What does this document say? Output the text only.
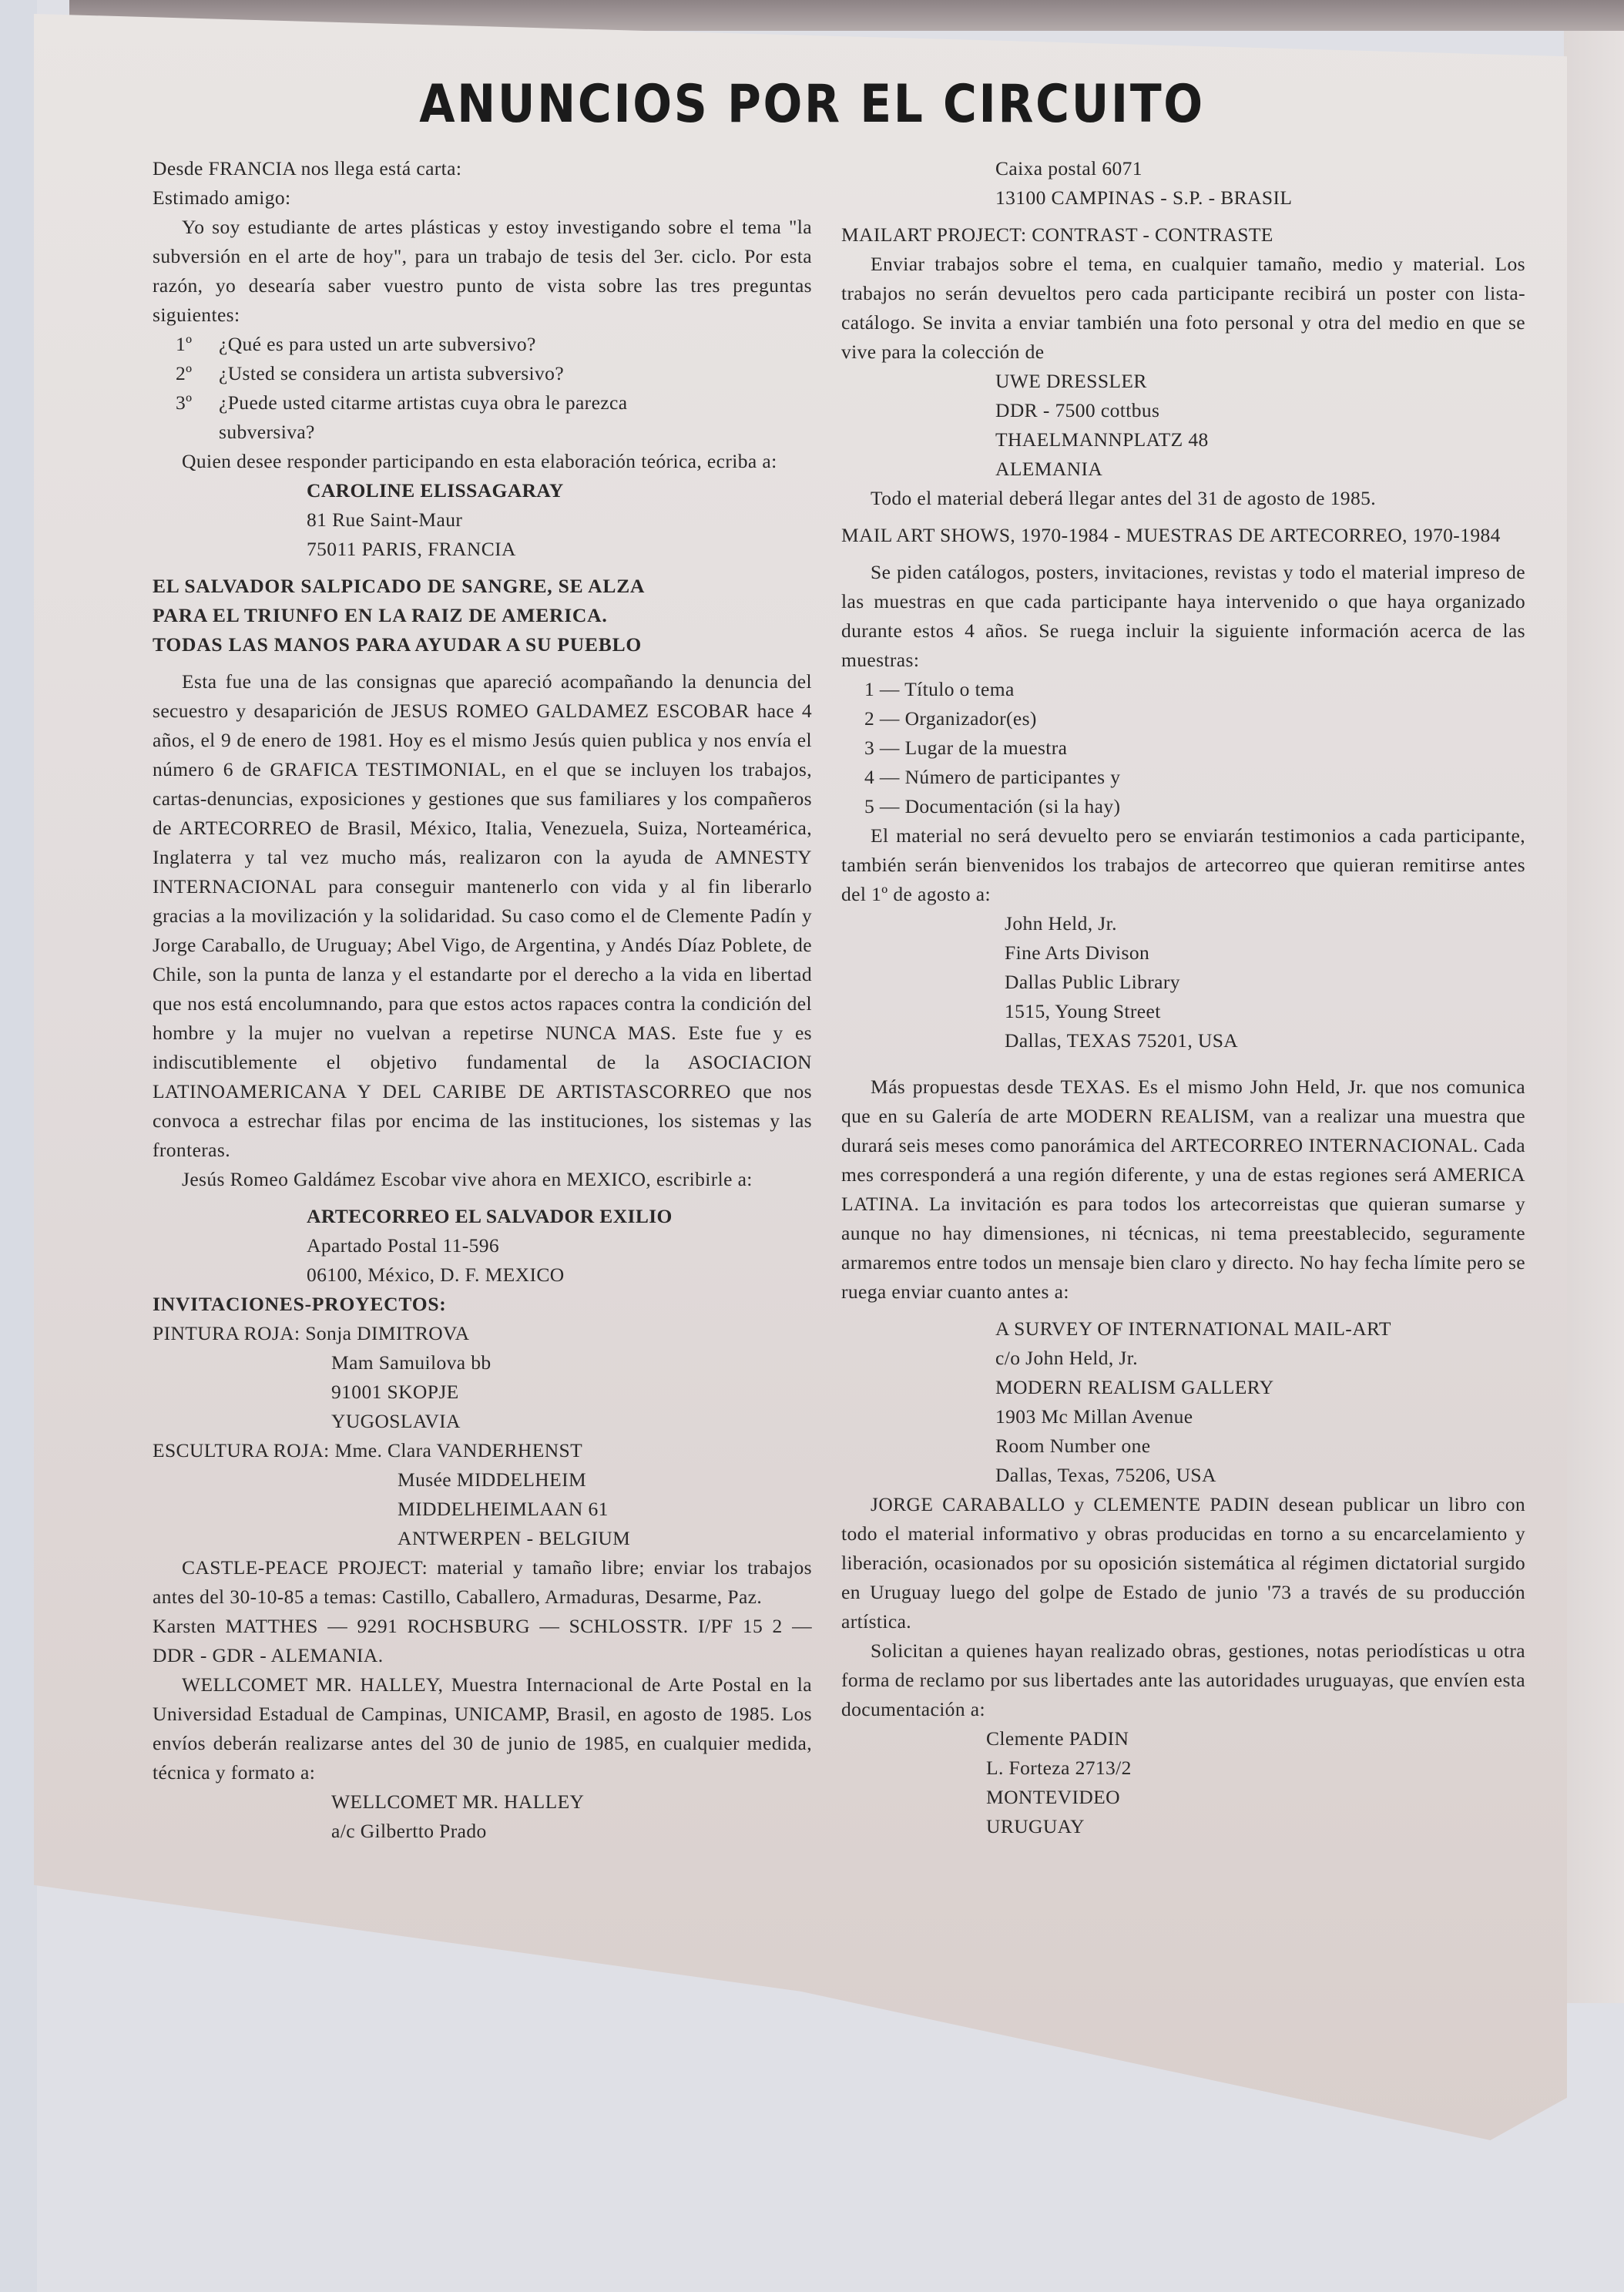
ANUNCIOS POR EL CIRCUITO

Desde FRANCIA nos llega está carta:

Estimado amigo:

Yo soy estudiante de artes plásticas y estoy investigando sobre el tema "la subversión en el arte de hoy", para un trabajo de tesis del 3er. ciclo. Por esta razón, yo desearía saber vuestro punto de vista sobre las tres preguntas siguientes:

1º ¿Qué es para usted un arte subversivo?

2º ¿Usted se considera un artista subversivo?

3º ¿Puede usted citarme artistas cuya obra le parezca

subversiva?

Quien desee responder participando en esta elaboración teórica, ecriba a:

CAROLINE ELISSAGARAY

81 Rue Saint-Maur

75011 PARIS, FRANCIA

EL SALVADOR SALPICADO DE SANGRE, SE ALZA

PARA EL TRIUNFO EN LA RAIZ DE AMERICA.

TODAS LAS MANOS PARA AYUDAR A SU PUEBLO

Esta fue una de las consignas que apareció acompañando la denuncia del secuestro y desaparición de JESUS ROMEO GALDAMEZ ESCOBAR hace 4 años, el 9 de enero de 1981. Hoy es el mismo Jesús quien publica y nos envía el número 6 de GRAFICA TESTIMONIAL, en el que se incluyen los trabajos, cartas-denuncias, exposiciones y gestiones que sus familiares y los compañeros de ARTECORREO de Brasil, México, Italia, Venezuela, Suiza, Norteamérica, Inglaterra y tal vez mucho más, realizaron con la ayuda de AMNESTY INTERNACIONAL para conseguir mantenerlo con vida y al fin liberarlo gracias a la movilización y la solidaridad. Su caso como el de Clemente Padín y Jorge Caraballo, de Uruguay; Abel Vigo, de Argentina, y Andés Díaz Poblete, de Chile, son la punta de lanza y el estandarte por el derecho a la vida en libertad que nos está encolumnando, para que estos actos rapaces contra la condición del hombre y la mujer no vuelvan a repetirse NUNCA MAS. Este fue y es indiscutiblemente el objetivo fundamental de la ASOCIACION LATINOAMERICANA Y DEL CARIBE DE ARTISTASCORREO que nos convoca a estrechar filas por encima de las instituciones, los sistemas y las fronteras.

Jesús Romeo Galdámez Escobar vive ahora en MEXICO, escribirle a:

ARTECORREO EL SALVADOR EXILIO

Apartado Postal 11-596

06100, México, D. F. MEXICO

INVITACIONES-PROYECTOS:

PINTURA ROJA: Sonja DIMITROVA

Mam Samuilova bb

91001 SKOPJE

YUGOSLAVIA

ESCULTURA ROJA: Mme. Clara VANDERHENST

Musée MIDDELHEIM

MIDDELHEIMLAAN 61

ANTWERPEN - BELGIUM

CASTLE-PEACE PROJECT: material y tamaño libre; enviar los trabajos antes del 30-10-85 a temas: Castillo, Caballero, Armaduras, Desarme, Paz.

Karsten MATTHES — 9291 ROCHSBURG — SCHLOSSTR. I/PF 15 2 — DDR - GDR - ALEMANIA.

WELLCOMET MR. HALLEY, Muestra Internacional de Arte Postal en la Universidad Estadual de Campinas, UNICAMP, Brasil, en agosto de 1985. Los envíos deberán realizarse antes del 30 de junio de 1985, en cualquier medida, técnica y formato a:

WELLCOMET MR. HALLEY

a/c Gilbertto Prado

Caixa postal 6071

13100 CAMPINAS - S.P. - BRASIL

MAILART PROJECT: CONTRAST - CONTRASTE

Enviar trabajos sobre el tema, en cualquier tamaño, medio y material. Los trabajos no serán devueltos pero cada participante recibirá un poster con lista-catálogo. Se invita a enviar también una foto personal y otra del medio en que se vive para la colección de

UWE DRESSLER

DDR - 7500 cottbus

THAELMANNPLATZ 48

ALEMANIA

Todo el material deberá llegar antes del 31 de agosto de 1985.

MAIL ART SHOWS, 1970-1984 - MUESTRAS DE ARTECORREO, 1970-1984

Se piden catálogos, posters, invitaciones, revistas y todo el material impreso de las muestras en que cada participante haya intervenido o que haya organizado durante estos 4 años. Se ruega incluir la siguiente información acerca de las muestras:

1 — Título o tema

2 — Organizador(es)

3 — Lugar de la muestra

4 — Número de participantes y

5 — Documentación (si la hay)

El material no será devuelto pero se enviarán testimonios a cada participante, también serán bienvenidos los trabajos de artecorreo que quieran remitirse antes del 1º de agosto a:

John Held, Jr.

Fine Arts Divison

Dallas Public Library

1515, Young Street

Dallas, TEXAS 75201, USA

Más propuestas desde TEXAS. Es el mismo John Held, Jr. que nos comunica que en su Galería de arte MODERN REALISM, van a realizar una muestra que durará seis meses como panorámica del ARTECORREO INTERNACIONAL. Cada mes corresponderá a una región diferente, y una de estas regiones será AMERICA LATINA. La invitación es para todos los artecorreistas que quieran sumarse y aunque no hay dimensiones, ni técnicas, ni tema preestablecido, seguramente armaremos entre todos un mensaje bien claro y directo. No hay fecha límite pero se ruega enviar cuanto antes a:

A SURVEY OF INTERNATIONAL MAIL-ART

c/o John Held, Jr.

MODERN REALISM GALLERY

1903 Mc Millan Avenue

Room Number one

Dallas, Texas, 75206, USA

JORGE CARABALLO y CLEMENTE PADIN desean publicar un libro con todo el material informativo y obras producidas en torno a su encarcelamiento y liberación, ocasionados por su oposición sistemática al régimen dictatorial surgido en Uruguay luego del golpe de Estado de junio '73 a través de su producción artística.

Solicitan a quienes hayan realizado obras, gestiones, notas periodísticas u otra forma de reclamo por sus libertades ante las autoridades uruguayas, que envíen esta documentación a:

Clemente PADIN

L. Forteza 2713/2

MONTEVIDEO

URUGUAY
